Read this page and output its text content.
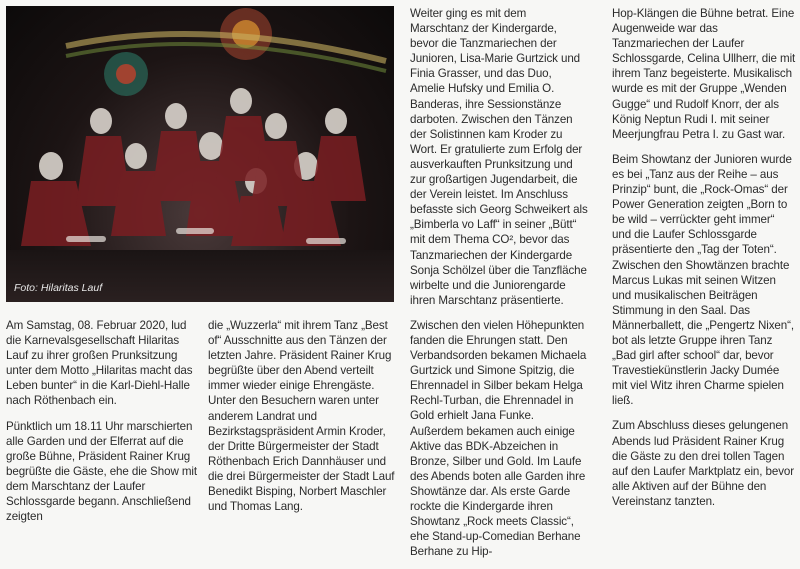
Foto: Hilaritas Lauf

Am Samstag, 08. Februar 2020, lud die Karnevalsgesellschaft Hilaritas Lauf zu ihrer großen Prunksitzung unter dem Motto „Hilaritas macht das Leben bunter“ in die Karl-Diehl-Halle nach Röthenbach ein.

Pünktlich um 18.11 Uhr marschierten alle Garden und der Elferrat auf die große Bühne, Präsident Rainer Krug begrüßte die Gäste, ehe die Show mit dem Marschtanz der Laufer Schlossgarde begann. Anschließend zeigten

die „Wuzzerla“ mit ihrem Tanz „Best of“ Ausschnitte aus den Tänzen der letzten Jahre. Präsident Rainer Krug begrüßte über den Abend verteilt immer wieder einige Ehrengäste. Unter den Besuchern waren unter anderem Landrat und Bezirkstagspräsident Armin Kroder, der Dritte Bürgermeister der Stadt Röthenbach Erich Dannhäuser und die drei Bürgermeister der Stadt Lauf Benedikt Bisping, Norbert Maschler und Thomas Lang.

Weiter ging es mit dem Marschtanz der Kindergarde, bevor die Tanzmariechen der Junioren, Lisa-Marie Gurtzick und Finia Grasser, und das Duo, Amelie Hufsky und Emilia O. Banderas, ihre Sessionstänze darboten. Zwischen den Tänzen der Solistinnen kam Kroder zu Wort. Er gratulierte zum Erfolg der ausverkauften Prunksitzung und zur großartigen Jugendarbeit, die der Verein leistet. Im Anschluss befasste sich Georg Schweikert als „Bimberla vo Laff“ in seiner „Bütt“ mit dem Thema CO², bevor das Tanzmariechen der Kindergarde Sonja Schölzel über die Tanzfläche wirbelte und die Juniorengarde ihren Marschtanz präsentierte.

Zwischen den vielen Höhepunkten fanden die Ehrungen statt. Den Verbandsorden bekamen Michaela Gurtzick und Simone Spitzig, die Ehrennadel in Silber bekam Helga Rechl-Turban, die Ehrennadel in Gold erhielt Jana Funke. Außerdem bekamen auch einige Aktive das BDK-Abzeichen in Bronze, Silber und Gold. Im Laufe des Abends boten alle Garden ihre Showtänze dar. Als erste Garde rockte die Kindergarde ihren Showtanz „Rock meets Classic“, ehe Stand-up-Comedian Berhane Berhane zu Hip-

Hop-Klängen die Bühne betrat. Eine Augenweide war das Tanzmariechen der Laufer Schlossgarde, Celina Ullherr, die mit ihrem Tanz begeisterte. Musikalisch wurde es mit der Gruppe „Wenden Gugge“ und Rudolf Knorr, der als König Neptun Rudi I. mit seiner Meerjungfrau Petra I. zu Gast war.

Beim Showtanz der Junioren wurde es bei „Tanz aus der Reihe – aus Prinzip“ bunt, die „Rock-Omas“ der Power Generation zeigten „Born to be wild – verrückter geht immer“ und die Laufer Schlossgarde präsentierte den „Tag der Toten“. Zwischen den Showtänzen brachte Marcus Lukas mit seinen Witzen und musikalischen Beiträgen Stimmung in den Saal. Das Männerballett, die „Pengertz Nixen“, bot als letzte Gruppe ihren Tanz „Bad girl after school“ dar, bevor Travestiekünstlerin Jacky Dumée mit viel Witz ihren Charme spielen ließ.

Zum Abschluss dieses gelungenen Abends lud Präsident Rainer Krug die Gäste zu den drei tollen Tagen auf den Laufer Marktplatz ein, bevor alle Aktiven auf der Bühne den Vereinstanz tanzten.
